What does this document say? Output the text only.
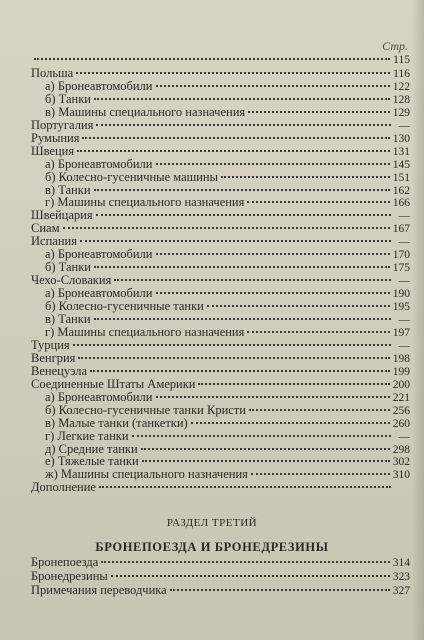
Стр.
115
Польша	116
а) Бронеавтомобили	122
б) Танки	128
в) Машины специального назначения	129
Португалия	—
Румыния	130
Швеция	131
а) Бронеавтомобили	145
б) Колесно-гусеничные машины	151
в) Танки	162
г) Машины специального назначения	166
Швейцария	—
Сиам	167
Испания	—
а) Бронеавтомобили	170
б) Танки	175
Чехо-Словакия	—
а) Бронеавтомобили	190
б) Колесно-гусеничные танки	195
в) Танки	—
г) Машины специального назначения	197
Турция	—
Венгрия	198
Венецуэла	199
Соединенные Штаты Америки	200
а) Бронеавтомобили	221
б) Колесно-гусеничные танки Кристи	256
в) Малые танки (танкетки)	260
г) Легкие танки	—
д) Средние танки	298
е) Тяжелые танки	302
ж) Машины специального назначения	310
Дополнение
Бронепоезда	314
Бронедрезины	323
Примечания переводчика	327
РАЗДЕЛ ТРЕТИЙ
БРОНЕПОЕЗДА И БРОНЕДРЕЗИНЫ
